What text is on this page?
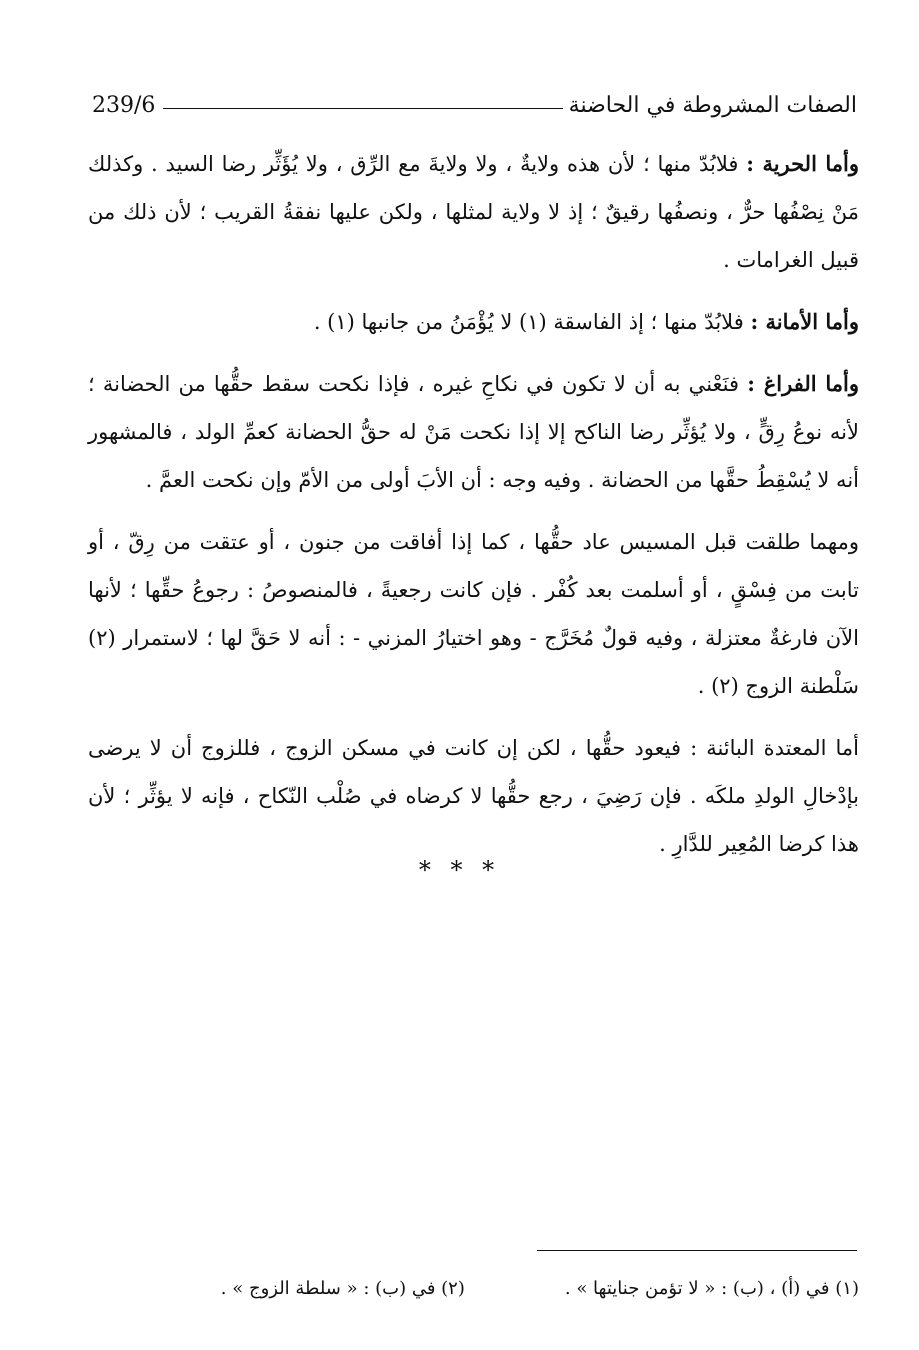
الصفات المشروطة في الحاضنة
239/6

وأما الحرية : فلابُدّ منها ؛ لأن هذه ولايةٌ ، ولا ولايةَ مع الرِّق ، ولا يُؤَثِّر رضا السيد . وكذلك مَنْ نِصْفُها حرٌّ ، ونصفُها رقيقٌ ؛ إذ لا ولاية لمثلها ، ولكن عليها نفقةُ القريب ؛ لأن ذلك من قبيل الغرامات .

وأما الأمانة : فلابُدّ منها ؛ إذ الفاسقة (١) لا يُؤْمَنُ من جانبها (١) .

وأما الفراغ : فنَعْني به أن لا تكون في نكاحِ غيره ، فإذا نكحت سقط حقُّها من الحضانة ؛ لأنه نوعُ رِقٍّ ، ولا يُؤثِّر رضا الناكح إلا إذا نكحت مَنْ له حقُّ الحضانة كعمِّ الولد ، فالمشهور أنه لا يُسْقِطُ حقَّها من الحضانة . وفيه وجه : أن الأبَ أولى من الأمّ وإن نكحت العمَّ .

ومهما طلقت قبل المسيس عاد حقُّها ، كما إذا أفاقت من جنون ، أو عتقت من رِقّ ، أو تابت من فِسْقٍ ، أو أسلمت بعد كُفْر . فإن كانت رجعيةً ، فالمنصوصُ : رجوعُ حقِّها ؛ لأنها الآن فارغةٌ معتزلة ، وفيه قولٌ مُخَرَّج - وهو اختيارُ المزني - : أنه لا حَقَّ لها ؛ لاستمرار (٢) سَلْطنة الزوج (٢) .

أما المعتدة البائنة : فيعود حقُّها ، لكن إن كانت في مسكن الزوج ، فللزوج أن لا يرضى بإدْخالِ الولدِ ملكَه . فإن رَضِيَ ، رجع حقُّها لا كرضاه في صُلْب النّكاح ، فإنه لا يؤثِّر ؛ لأن هذا كرضا المُعِير للدَّارِ .

* * *
(١) في (أ) ، (ب) : « لا تؤمن جنايتها » .
(٢) في (ب) : « سلطة الزوج » .
